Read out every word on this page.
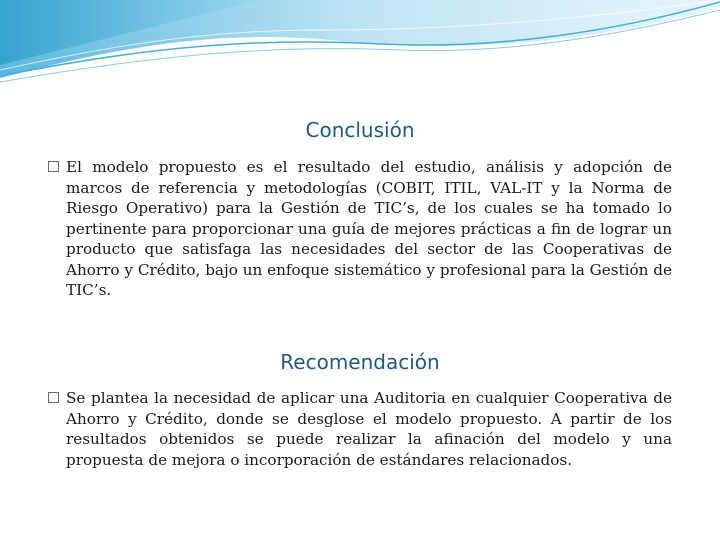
Conclusión

El modelo propuesto es el resultado del estudio, análisis y adopción de marcos de referencia y metodologías (COBIT, ITIL, VAL-IT y la Norma de Riesgo Operativo) para la Gestión de TIC’s, de los cuales se ha tomado lo pertinente para proporcionar una guía de mejores prácticas a fin de lograr un producto que satisfaga las necesidades del sector de las Cooperativas de Ahorro y Crédito, bajo un enfoque sistemático y profesional para la Gestión de TIC’s.

Recomendación

Se plantea la necesidad de aplicar una Auditoria en cualquier Cooperativa de Ahorro y Crédito, donde se desglose el modelo propuesto. A partir de los resultados obtenidos se puede realizar la afinación del modelo y una propuesta de mejora o incorporación de estándares relacionados.
